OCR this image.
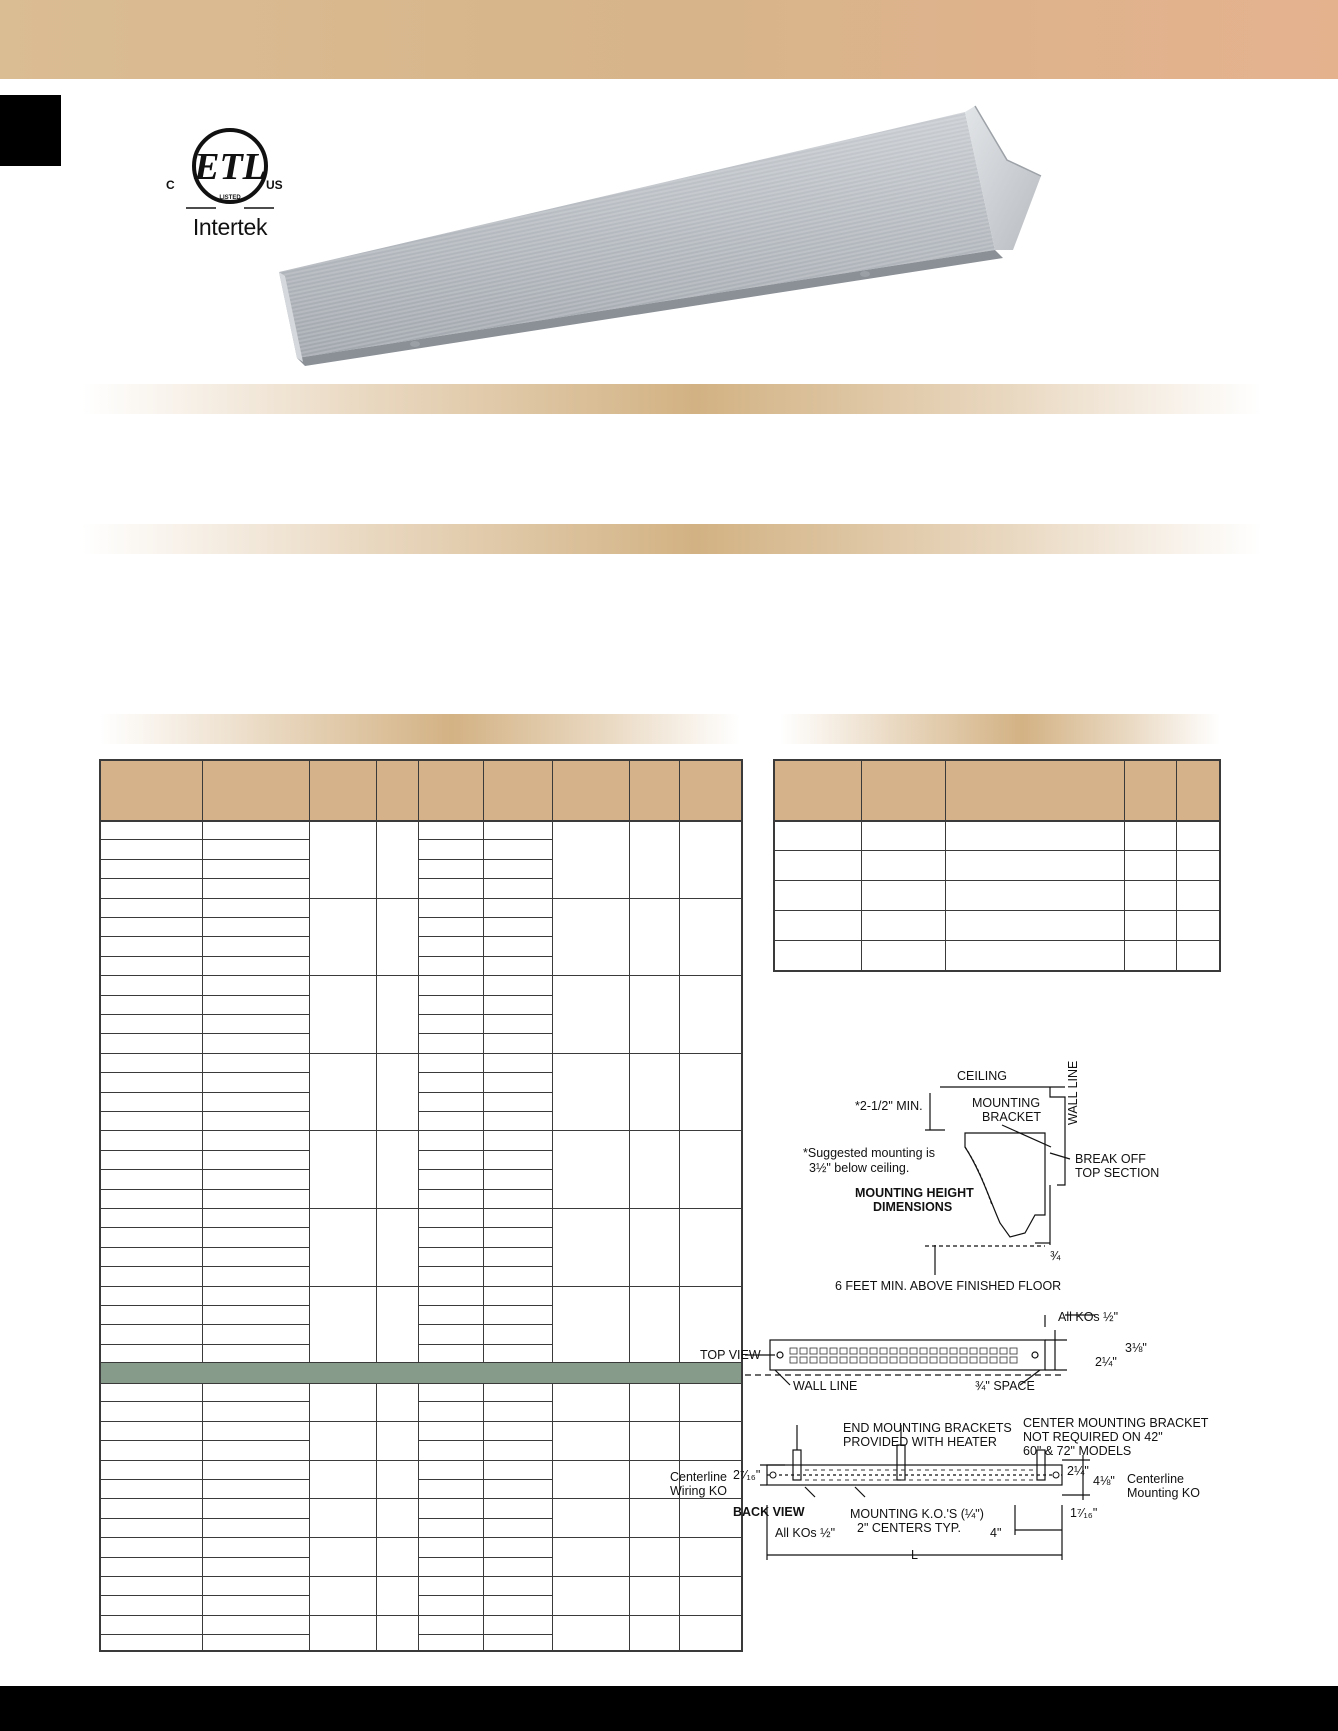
ETL
LISTED
C	US
Intertek
CEILING	WALL LINE
*2-1/2" MIN.	MOUNTING
BRACKET
*Suggested mounting is
3½" below ceiling.
MOUNTING HEIGHT
DIMENSIONS
BREAK OFF
TOP SECTION
¾
6 FEET MIN. ABOVE FINISHED FLOOR
TOP VIEW
All KOs ½"
3⅛"
2¼"
WALL LINE	¾" SPACE
END MOUNTING BRACKETS
PROVIDED WITH HEATER
CENTER MOUNTING BRACKET
NOT REQUIRED ON 42"
60" & 72" MODELS
Centerline
Wiring KO
2⁷⁄₁₆"
BACK VIEW
2¼"
4⅛" Centerline
Mounting KO
1⁷⁄₁₆"
MOUNTING K.O.'S (¼")
2" CENTERS TYP.
All KOs ½"	4"
L
